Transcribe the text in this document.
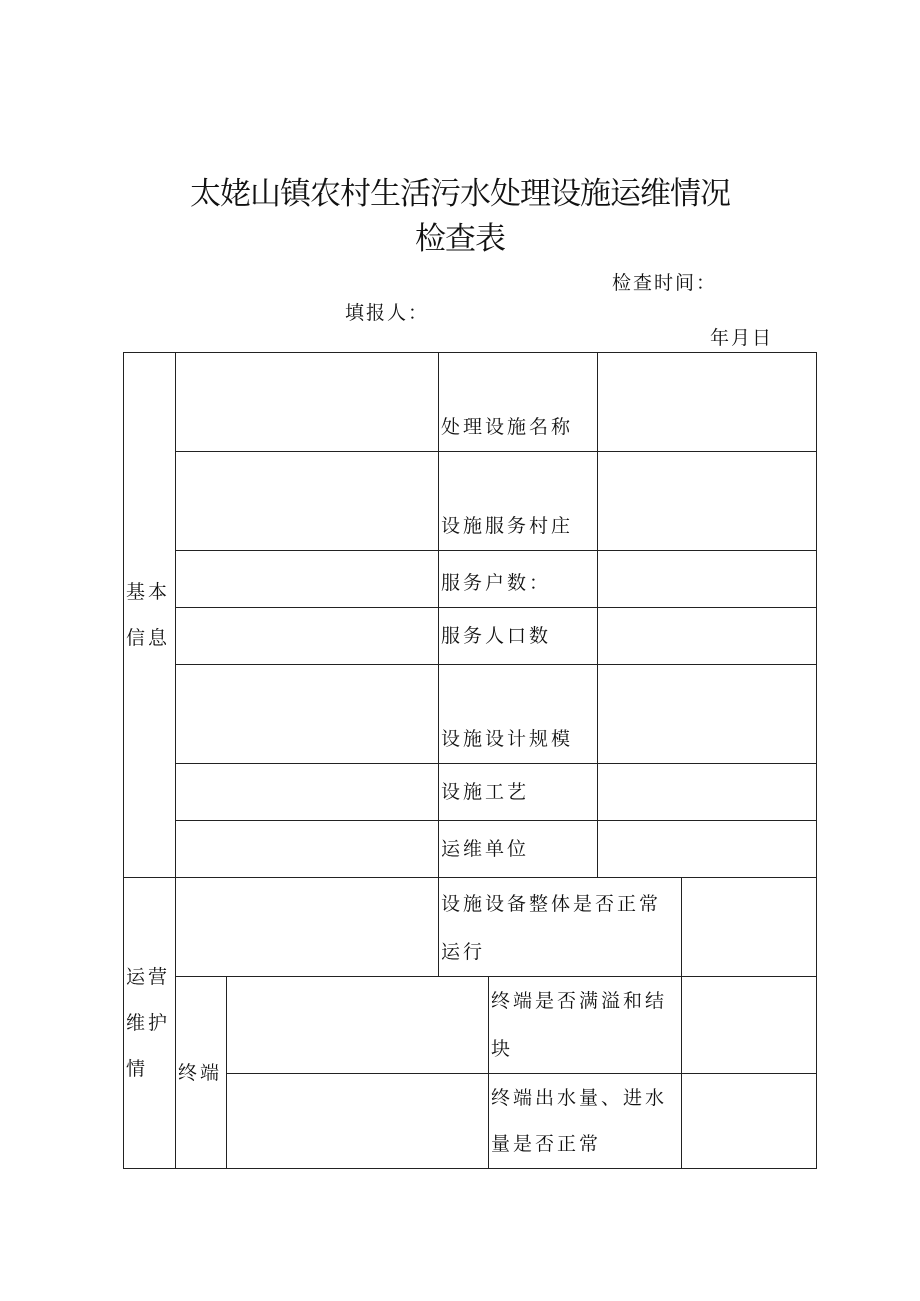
太姥山镇农村生活污水处理设施运维情况
检查表
检查时间：
填报人：
年月日
基本信息			处理设施名称			
			设施服务村庄			
			服务户数：			
			服务人口数			
			设施设计规模			
			设施工艺			
			运维单位			

运营维护情			设施设备整体是否正常运行			
	终端			终端是否满溢和结块		
				终端出水量、进水量是否正常		
